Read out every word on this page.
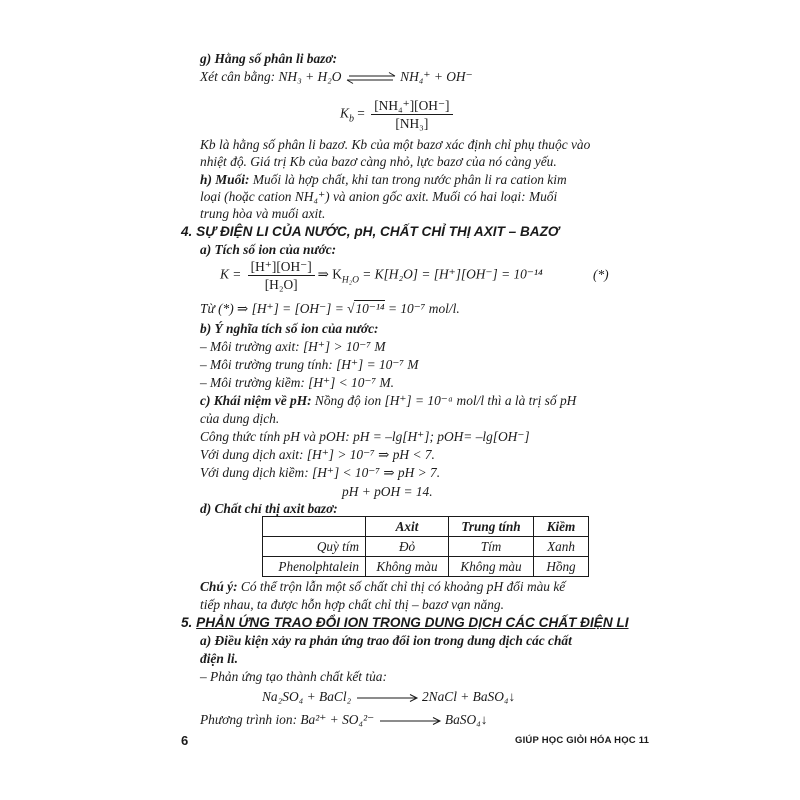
g) Hằng số phân li bazơ:
Xét cân bằng: NH₃ + H₂O ⇌ NH₄⁺ + OH⁻
$K_b = \frac{\text{[NH₄⁺][OH⁻]}}{\text{[NH₃]}}$
Kb là hằng số phân li bazơ. Kb của một bazơ xác định chỉ phụ thuộc vào
nhiệt độ. Giá trị Kb của bazơ càng nhỏ, lực bazơ của nó càng yếu.
h) Muối: Muối là hợp chất, khi tan trong nước phân li ra cation kim
loại (hoặc cation NH₄⁺) và anion gốc axit. Muối có hai loại: Muối
trung hòa và muối axit.
4. SỰ ĐIỆN LI CỦA NƯỚC, pH, CHẤT CHỈ THỊ AXIT – BAZƠ
a) Tích số ion của nước:
$K = \frac{[H^+][OH^-]}{\text{[H₂O]}}$ ⇒ $K_{H_2O} = K[H_2O] = [H^+][OH^-] = 10^{-14}$	(*)
Từ (*) ⇒ [H⁺] = [OH⁻] = √10⁻¹⁴ = 10⁻⁷ mol/l.
b) Ý nghĩa tích số ion của nước:
– Môi trường axit: [H⁺] > 10⁻⁷ M
– Môi trường trung tính: [H⁺] = 10⁻⁷ M
– Môi trường kiềm: [H⁺] < 10⁻⁷ M.
c) Khái niệm về pH: Nồng độ ion [H⁺] = 10⁻ᵃ mol/l thì a là trị số pH
của dung dịch.
Công thức tính pH và pOH: pH = –lg[H⁺]; pOH= –lg[OH⁻]
Với dung dịch axit: [H⁺] > 10⁻⁷ ⇒ pH < 7.
Với dung dịch kiềm: [H⁺] < 10⁻⁷ ⇒ pH > 7.
pH + pOH = 14.
d) Chất chỉ thị axit bazơ:
	Axit	Trung tính	Kiềm
Quỳ tím	Đỏ	Tím	Xanh
Phenolphtalein	Không màu	Không màu	Hồng
Chú ý: Có thể trộn lẫn một số chất chỉ thị có khoảng pH đổi màu kế
tiếp nhau, ta được hỗn hợp chất chỉ thị – bazơ vạn năng.
5. PHẢN ỨNG TRAO ĐỔI ION TRONG DUNG DỊCH CÁC CHẤT ĐIỆN LI
a) Điều kiện xảy ra phản ứng trao đổi ion trong dung dịch các chất
điện li.
– Phản ứng tạo thành chất kết tủa:
Na₂SO₄ + BaCl₂	2NaCl + BaSO₄↓
Phương trình ion: Ba²⁺ + SO₄²⁻	BaSO₄↓
6	GIÚP HỌC GIỎI HÓA HỌC 11
